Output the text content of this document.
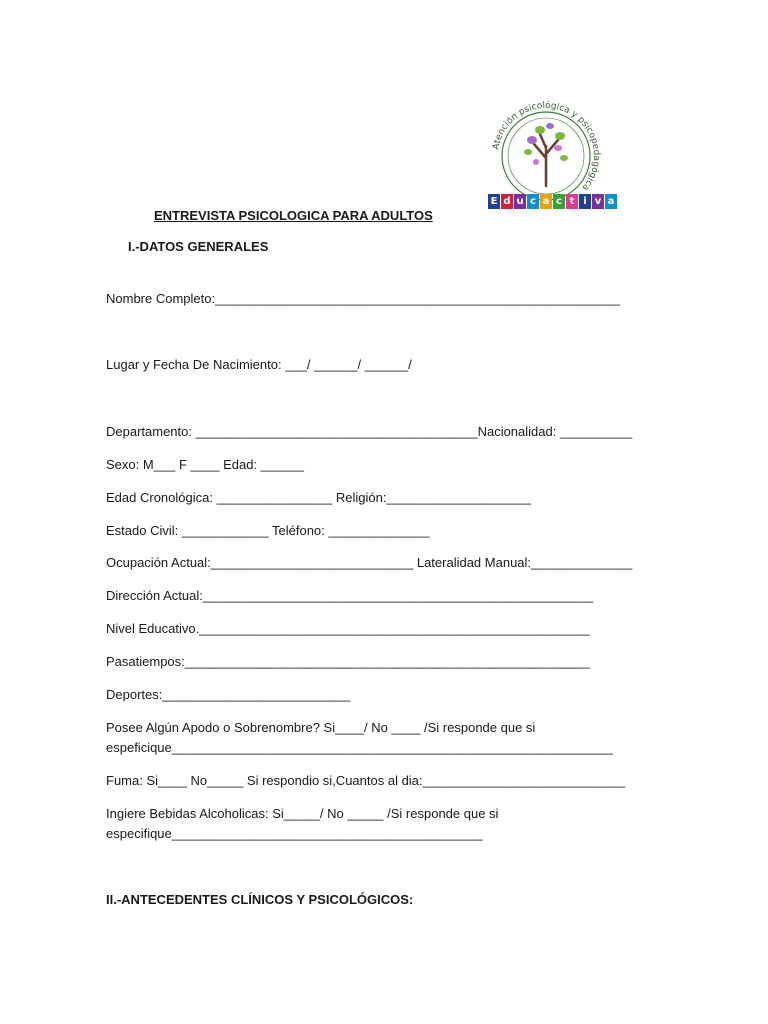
Atención psicológica y psicopedagógica
E d u c a c t i v a
ENTREVISTA PSICOLOGICA PARA ADULTOS
I.-DATOS GENERALES
Nombre Completo:________________________________________________________
Lugar y Fecha De Nacimiento: ___/ ______/ ______/
Departamento: _______________________________________Nacionalidad: __________
Sexo: M___ F ____ Edad: ______
Edad Cronológica: ________________ Religión:____________________
Estado Civil: ____________ Teléfono: ______________
Ocupación Actual:____________________________ Lateralidad Manual:______________
Dirección Actual:______________________________________________________
Nivel Educativo.______________________________________________________
Pasatiempos:________________________________________________________
Deportes:__________________________
Posee Algún Apodo o Sobrenombre? Si____/ No ____ /Si responde que si
espeficique_____________________________________________________________
Fuma: Si____ No_____ Si respondio si,Cuantos al dia:____________________________
Ingiere Bebidas Alcoholicas: Si_____/ No _____ /Si responde que si
especifique___________________________________________
II.-ANTECEDENTES CLÍNICOS Y PSICOLÓGICOS:
